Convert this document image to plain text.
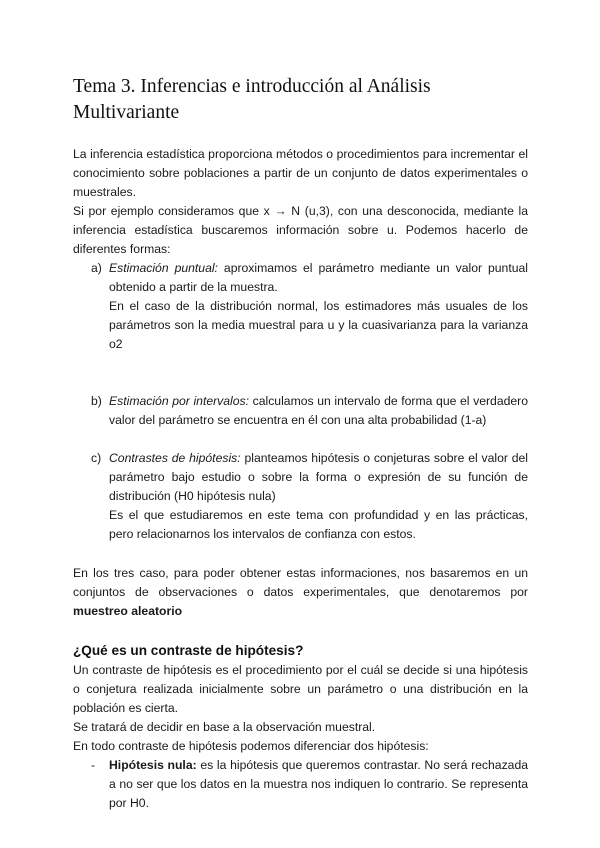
Tema 3. Inferencias e introducción al Análisis Multivariante

La inferencia estadística proporciona métodos o procedimientos para incrementar el conocimiento sobre poblaciones a partir de un conjunto de datos experimentales o muestrales.

Si por ejemplo consideramos que x → N (u,3), con una desconocida, mediante la inferencia estadística buscaremos información sobre u. Podemos hacerlo de diferentes formas:

a) Estimación puntual: aproximamos el parámetro mediante un valor puntual obtenido a partir de la muestra.

En el caso de la distribución normal, los estimadores más usuales de los parámetros son la media muestral para u y la cuasivarianza para la varianza o2

b) Estimación por intervalos: calculamos un intervalo de forma que el verdadero valor del parámetro se encuentra en él con una alta probabilidad (1-a)
c) Contrastes de hipótesis: planteamos hipótesis o conjeturas sobre el valor del parámetro bajo estudio o sobre la forma o expresión de su función de distribución (H0 hipótesis nula)

Es el que estudiaremos en este tema con profundidad y en las prácticas, pero relacionarnos los intervalos de confianza con estos.

En los tres caso, para poder obtener estas informaciones, nos basaremos en un conjuntos de observaciones o datos experimentales, que denotaremos por muestreo aleatorio

¿Qué es un contraste de hipótesis?

Un contraste de hipótesis es el procedimiento por el cuál se decide si una hipótesis o conjetura realizada inicialmente sobre un parámetro o una distribución en la población es cierta.

Se tratará de decidir en base a la observación muestral.

En todo contraste de hipótesis podemos diferenciar dos hipótesis:

- Hipótesis nula: es la hipótesis que queremos contrastar. No será rechazada a no ser que los datos en la muestra nos indiquen lo contrario. Se representa por H0.
